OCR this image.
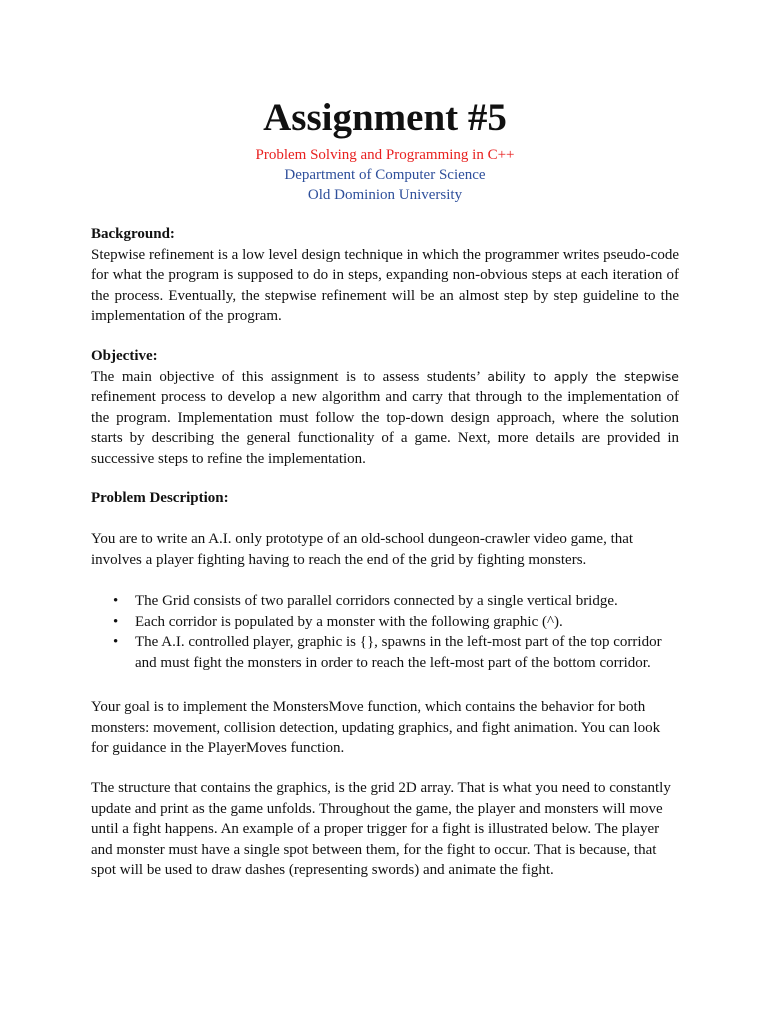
Assignment #5

Problem Solving and Programming in C++

Department of Computer Science

Old Dominion University

Background:
Stepwise refinement is a low level design technique in which the programmer writes pseudo-code for what the program is supposed to do in steps, expanding non-obvious steps at each iteration of the process. Eventually, the stepwise refinement will be an almost step by step guideline to the implementation of the program.
Objective:
The main objective of this assignment is to assess students’ ability to apply the stepwise refinement process to develop a new algorithm and carry that through to the implementation of the program. Implementation must follow the top-down design approach, where the solution starts by describing the general functionality of a game. Next, more details are provided in successive steps to refine the implementation.
Problem Description:

You are to write an A.I. only prototype of an old-school dungeon-crawler video game, that involves a player fighting having to reach the end of the grid by fighting monsters.

• The Grid consists of two parallel corridors connected by a single vertical bridge.
• Each corridor is populated by a monster with the following graphic (^).
• The A.I. controlled player, graphic is {}, spawns in the left-most part of the top corridor and must fight the monsters in order to reach the left-most part of the bottom corridor.

Your goal is to implement the MonstersMove function, which contains the behavior for both monsters: movement, collision detection, updating graphics, and fight animation. You can look for guidance in the PlayerMoves function.

The structure that contains the graphics, is the grid 2D array. That is what you need to constantly update and print as the game unfolds. Throughout the game, the player and monsters will move until a fight happens. An example of a proper trigger for a fight is illustrated below. The player and monster must have a single spot between them, for the fight to occur. That is because, that spot will be used to draw dashes (representing swords) and animate the fight.
